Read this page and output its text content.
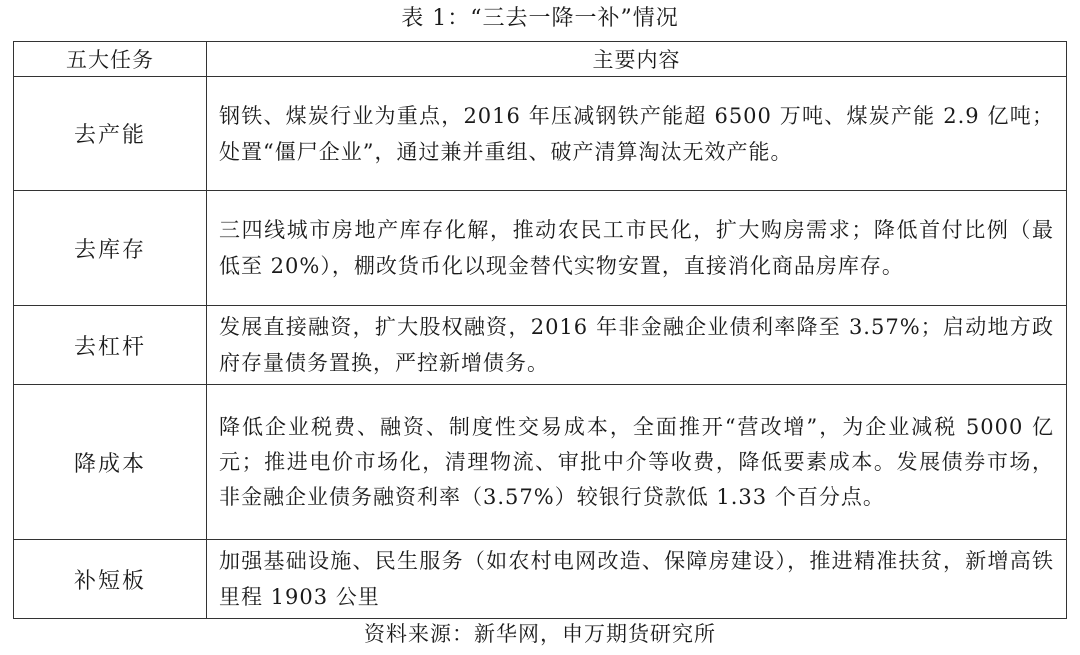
表 1：“三去一降一补”情况
五大任务	主要内容
去产能	钢铁、煤炭行业为重点，2016 年压减钢铁产能超 6500 万吨、煤炭产能 2.9 亿吨；处置“僵尸企业”，通过兼并重组、破产清算淘汰无效产能。
去库存	三四线城市房地产库存化解，推动农民工市民化，扩大购房需求；降低首付比例（最低至 20%），棚改货币化以现金替代实物安置，直接消化商品房库存。
去杠杆	发展直接融资，扩大股权融资，2016 年非金融企业债利率降至 3.57%；启动地方政府存量债务置换，严控新增债务。
降成本	降低企业税费、融资、制度性交易成本，全面推开“营改增”，为企业减税 5000 亿元；推进电价市场化，清理物流、审批中介等收费，降低要素成本。发展债券市场，非金融企业债务融资利率（3.57%）较银行贷款低 1.33 个百分点。
补短板	加强基础设施、民生服务（如农村电网改造、保障房建设），推进精准扶贫，新增高铁里程 1903 公里
资料来源：新华网，申万期货研究所
